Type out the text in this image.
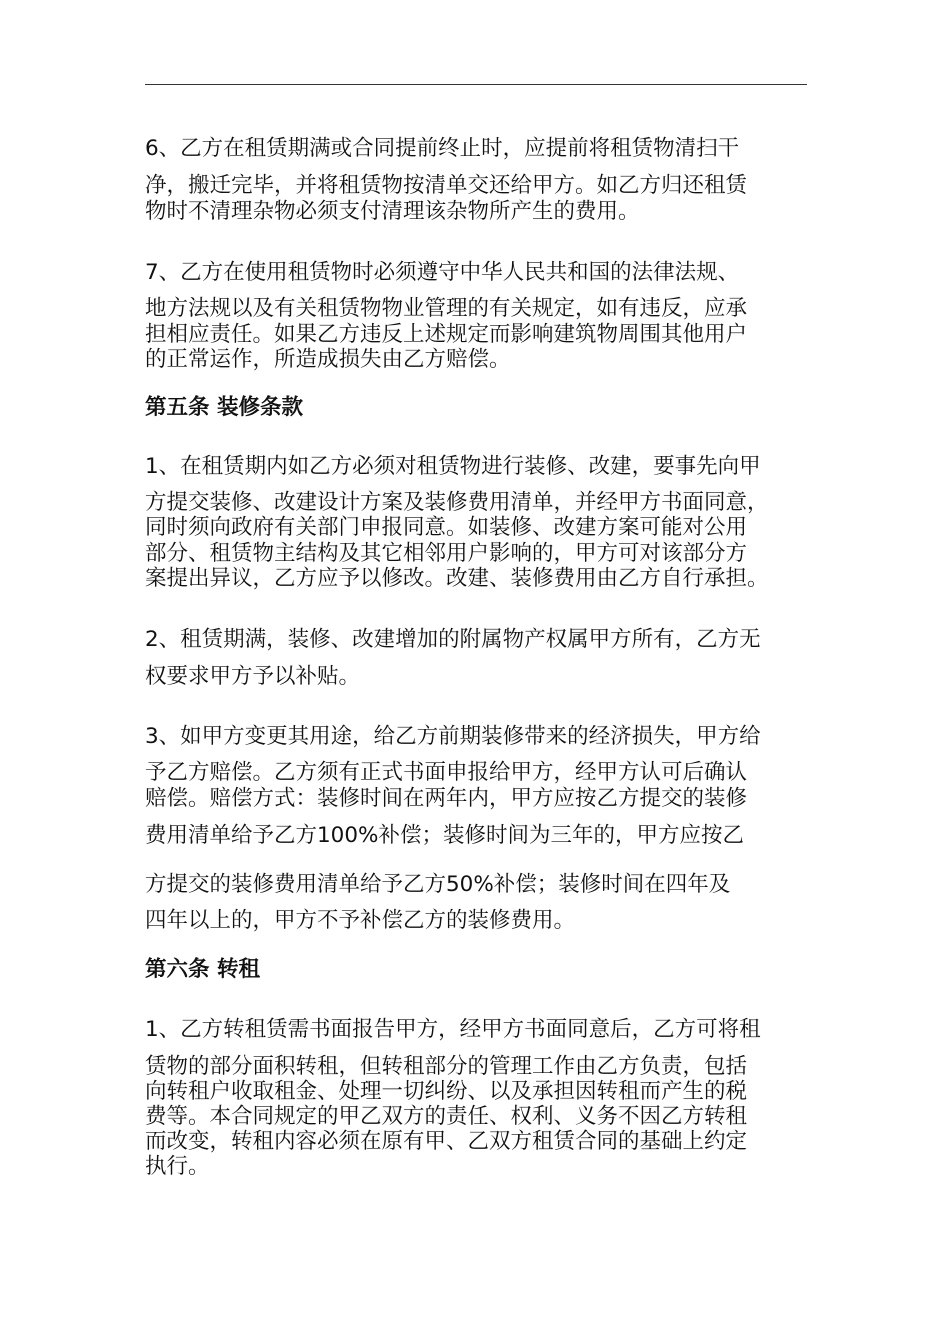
6、乙方在租赁期满或合同提前终止时，应提前将租赁物清扫干
净，搬迁完毕，并将租赁物按清单交还给甲方。如乙方归还租赁
物时不清理杂物必须支付清理该杂物所产生的费用。
7、乙方在使用租赁物时必须遵守中华人民共和国的法律法规、
地方法规以及有关租赁物物业管理的有关规定，如有违反，应承
担相应责任。如果乙方违反上述规定而影响建筑物周围其他用户
的正常运作，所造成损失由乙方赔偿。
第五条 装修条款
1、在租赁期内如乙方必须对租赁物进行装修、改建，要事先向甲
方提交装修、改建设计方案及装修费用清单，并经甲方书面同意，
同时须向政府有关部门申报同意。如装修、改建方案可能对公用
部分、租赁物主结构及其它相邻用户影响的，甲方可对该部分方
案提出异议，乙方应予以修改。改建、装修费用由乙方自行承担。
2、租赁期满，装修、改建增加的附属物产权属甲方所有，乙方无
权要求甲方予以补贴。
3、如甲方变更其用途，给乙方前期装修带来的经济损失，甲方给
予乙方赔偿。乙方须有正式书面申报给甲方，经甲方认可后确认
赔偿。赔偿方式：装修时间在两年内，甲方应按乙方提交的装修
费用清单给予乙方100%补偿；装修时间为三年的，甲方应按乙
方提交的装修费用清单给予乙方50%补偿；装修时间在四年及
四年以上的，甲方不予补偿乙方的装修费用。
第六条 转租
1、乙方转租赁需书面报告甲方，经甲方书面同意后，乙方可将租
赁物的部分面积转租，但转租部分的管理工作由乙方负责，包括
向转租户收取租金、处理一切纠纷、以及承担因转租而产生的税
费等。本合同规定的甲乙双方的责任、权利、义务不因乙方转租
而改变，转租内容必须在原有甲、乙双方租赁合同的基础上约定
执行。
